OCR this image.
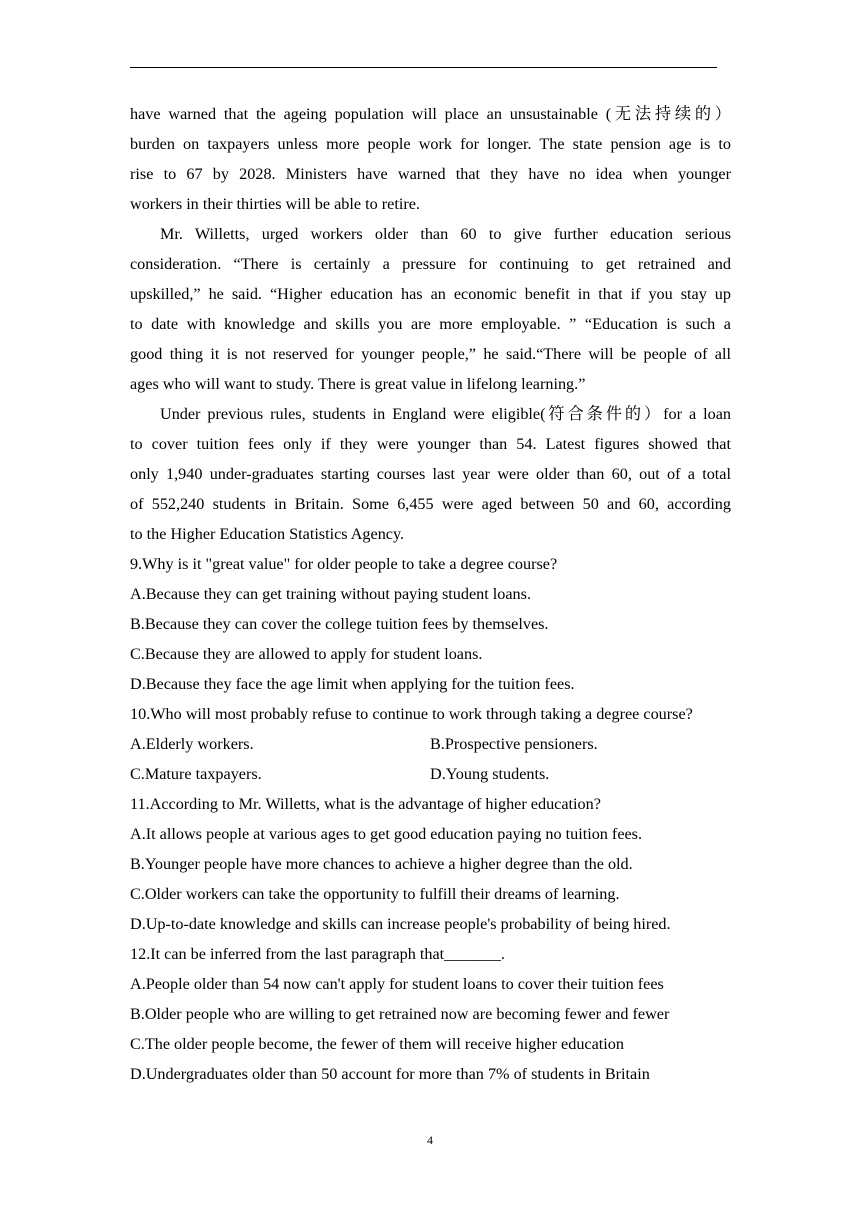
have warned that the ageing population will place an unsustainable (无法持续的）
burden on taxpayers unless more people work for longer. The state pension age is to
rise to 67 by 2028. Ministers have warned that they have no idea when younger
workers in their thirties will be able to retire.
Mr. Willetts, urged workers older than 60 to give further education serious
consideration. “There is certainly a pressure for continuing to get retrained and
upskilled,” he said. “Higher education has an economic benefit in that if you stay up
to date with knowledge and skills you are more employable. ” “Education is such a
good thing it is not reserved for younger people,” he said.“There will be people of all
ages who will want to study. There is great value in lifelong learning.”
Under previous rules, students in England were eligible(符合条件的）for a loan
to cover tuition fees only if they were younger than 54. Latest figures showed that
only 1,940 under-graduates starting courses last year were older than 60, out of a total
of 552,240 students in Britain. Some 6,455 were aged between 50 and 60, according
to the Higher Education Statistics Agency.
9.Why is it "great value" for older people to take a degree course?
A.Because they can get training without paying student loans.
B.Because they can cover the college tuition fees by themselves.
C.Because they are allowed to apply for student loans.
D.Because they face the age limit when applying for the tuition fees.
10.Who will most probably refuse to continue to work through taking a degree course?
A.Elderly workers.	B.Prospective pensioners.
C.Mature taxpayers.	D.Young students.
11.According to Mr. Willetts, what is the advantage of higher education?
A.It allows people at various ages to get good education paying no tuition fees.
B.Younger people have more chances to achieve a higher degree than the old.
C.Older workers can take the opportunity to fulfill their dreams of learning.
D.Up-to-date knowledge and skills can increase people's probability of being hired.
12.It can be inferred from the last paragraph that_______.
A.People older than 54 now can't apply for student loans to cover their tuition fees
B.Older people who are willing to get retrained now are becoming fewer and fewer
C.The older people become, the fewer of them will receive higher education
D.Undergraduates older than 50 account for more than 7% of students in Britain
4
